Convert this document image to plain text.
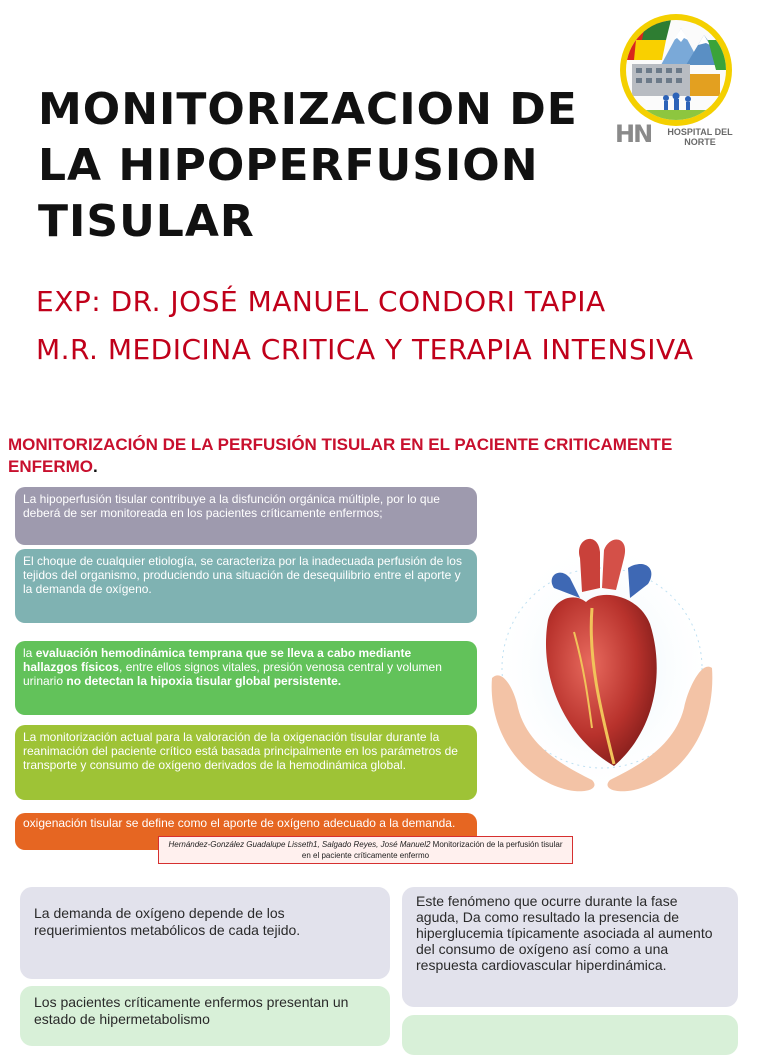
MONITORIZACION DE
LA HIPOPERFUSION
TISULAR
EXP: DR. JOSÉ MANUEL CONDORI TAPIA
M.R. MEDICINA CRITICA Y TERAPIA INTENSIVA
HN HOSPITAL DEL NORTE
MONITORIZACIÓN DE LA PERFUSIÓN TISULAR EN EL PACIENTE CRITICAMENTE ENFERMO.
La hipoperfusión tisular contribuye a la disfunción orgánica múltiple, por lo que deberá de ser monitoreada en los pacientes críticamente enfermos;
El choque de cualquier etiología, se caracteriza por la inadecuada perfusión de los tejidos del organismo, produciendo una situación de desequilibrio entre el aporte y la demanda de oxígeno.
la evaluación hemodinámica temprana que se lleva a cabo mediante hallazgos físicos, entre ellos signos vitales, presión venosa central y volumen urinario no detectan la hipoxia tisular global persistente.
La monitorización actual para la valoración de la oxigenación tisular durante la reanimación del paciente crítico está basada principalmente en los parámetros de transporte y consumo de oxígeno derivados de la hemodinámica global.
oxigenación tisular se define como el aporte de oxígeno adecuado a la demanda.
Hernández-González Guadalupe Lisseth1, Salgado Reyes, José Manuel2 Monitorización de la perfusión tisular en el paciente críticamente enfermo
La demanda de oxígeno depende de los requerimientos metabólicos de cada tejido.
Los pacientes críticamente enfermos presentan un estado de hipermetabolismo
Este fenómeno que ocurre durante la fase aguda, Da como resultado la presencia de hiperglucemia típicamente asociada al aumento del consumo de oxígeno así como a una respuesta cardiovascular hiperdinámica.
